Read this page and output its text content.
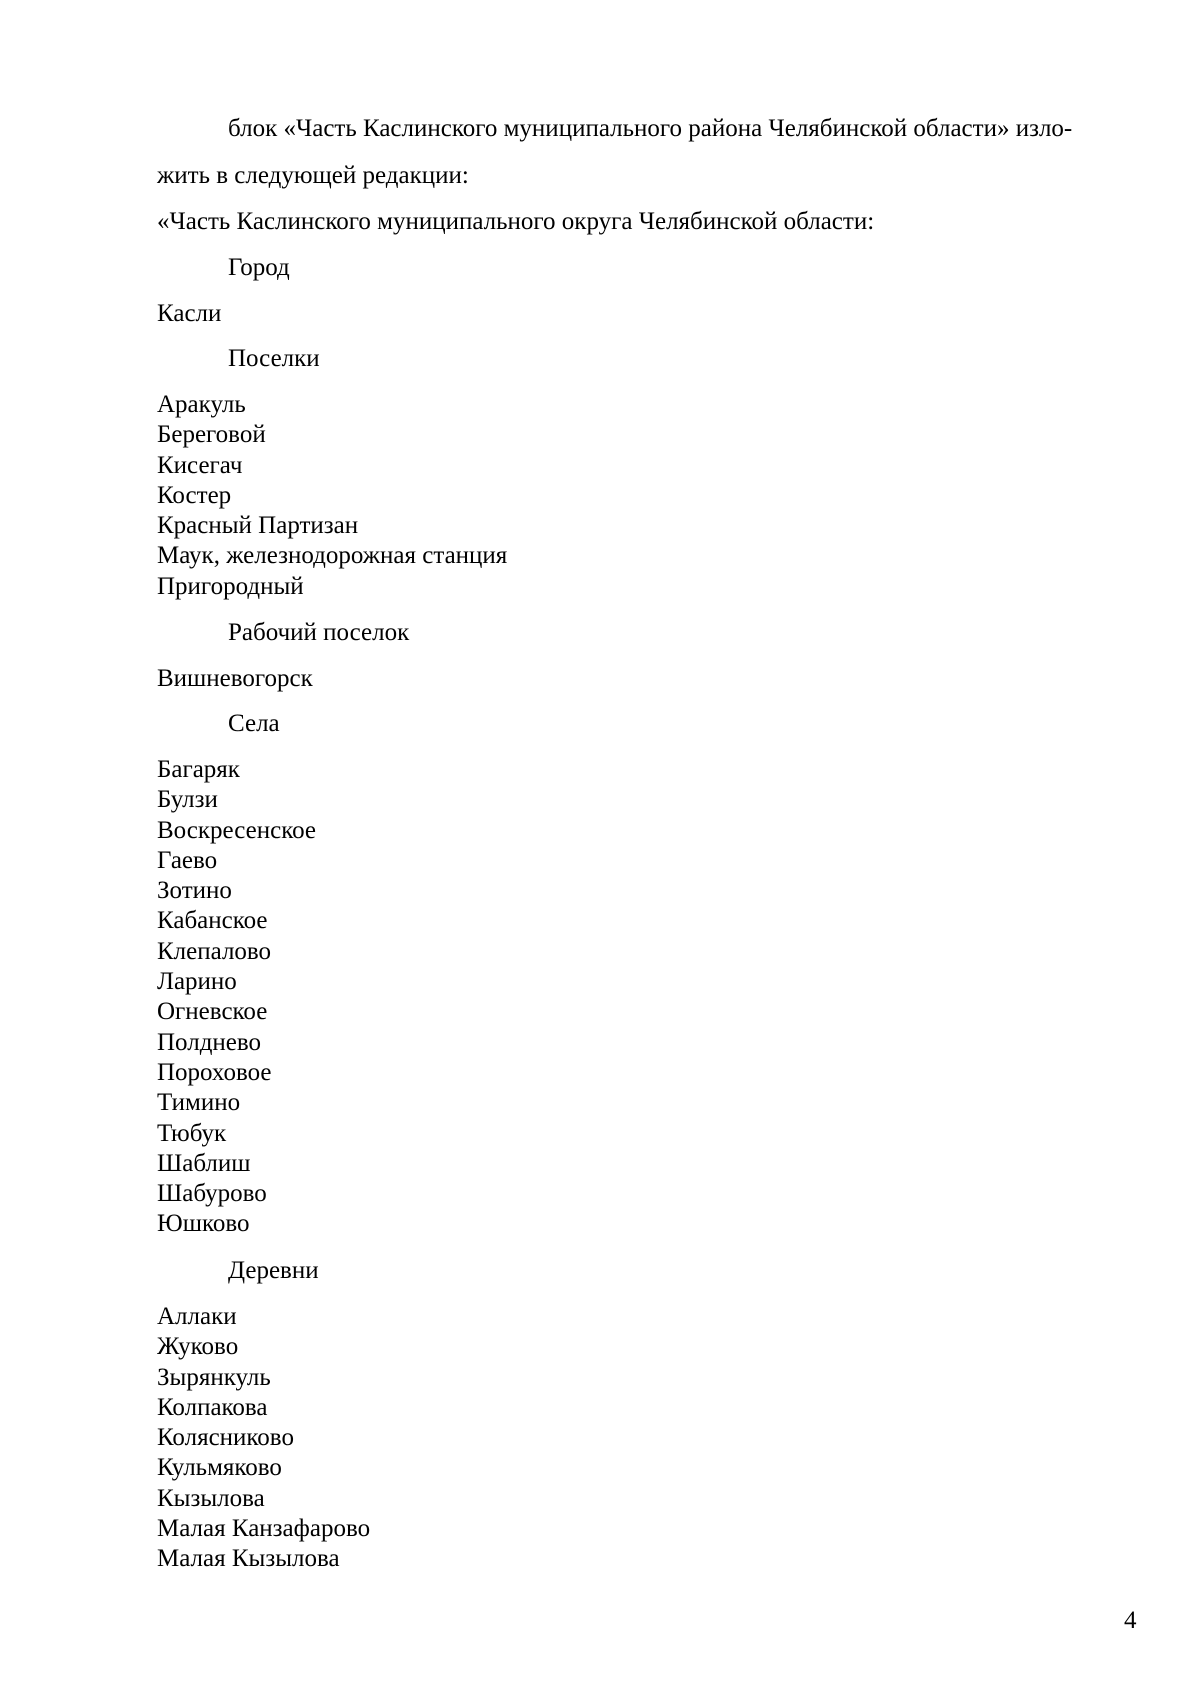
блок «Часть Каслинского муниципального района Челябинской области» изло-
жить в следующей редакции:
«Часть Каслинского муниципального округа Челябинской области:
Город
Касли
Поселки
Аракуль
Береговой
Кисегач
Костер
Красный Партизан
Маук, железнодорожная станция
Пригородный
Рабочий поселок
Вишневогорск
Села
Багаряк
Булзи
Воскресенское
Гаево
Зотино
Кабанское
Клепалово
Ларино
Огневское
Полднево
Пороховое
Тимино
Тюбук
Шаблиш
Шабурово
Юшково
Деревни
Аллаки
Жуково
Зырянкуль
Колпакова
Колясниково
Кульмяково
Кызылова
Малая Канзафарово
Малая Кызылова
4
